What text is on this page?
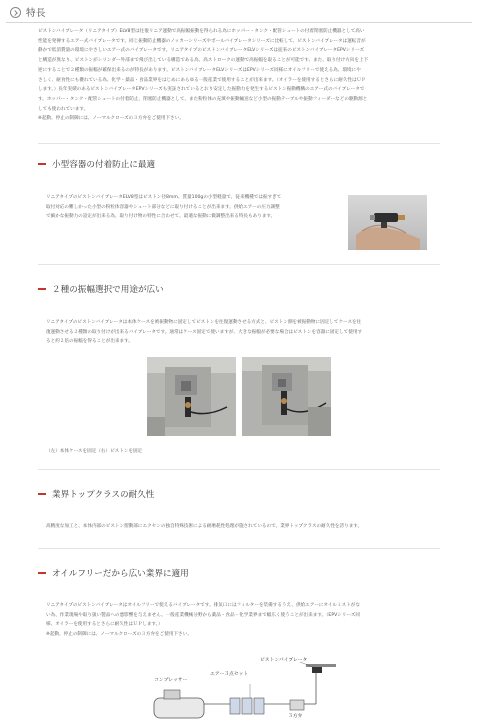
特長
ピストンバイブレータ（リニアタイプ）ELV8型は往復リニア運動で高振幅振動を得られる為にホッパー・タンク・配管シュートの付着閉塞防止機器として高い
性能を発揮するエアー式バイブレータです。同じ振動防止機器のノッカーシリーズやボールバイブレータシリーズに比較して、ピストンバイブレータは運転音が
静かで低消費量の環境にやさしいエアー式のバイブレータです。リニアタイプのピストンバイブレータELVシリーズは従来のピストンバイブレータEPVシリーズ
と構造が異なり、ピストンがシリンダー外部まで飛び出している構造である為、高ストロークの運動で高振幅を取ることが可能です。また、取り付け方向を上下
逆にすることで２種類の振幅が確保出来るのが特長があります。ピストンバイブレータELVシリーズはEPVシリーズ同様にオイルフリーで使える為、環境にや
さしく、耐食性にも優れている為、化学・薬品・食品業界をはじめにあらゆる一般産業で使用することが出来ます。（オイラーを使用するとさらに耐久性はＵＰ
します。）長年実績のあるピストンバイブレータEPVシリーズも実証されているとおり安定した振動力を発生するピストン振動機構のエアー式のバイブレータで
す。ホッパー・タンク・配管シュートの付着防止、閉塞防止機器として、また粉粒体の充填や振動輸送など小型の振動テーブルや振動フィーダーなどの駆動源と
しても使われています。
※起動、停止の制御には、ノーマルクローズの３方弁をご使用下さい。
小型容器の付着防止に最適
リニアタイプのピストンバイブレータELV8型はピストン径8mm、質量100gの小型軽量で、従来機種では振すぎて
取付対応の難しかった小型の粉粒体容器やシュート部分などに取り付けることが出来ます。供給エアーの圧力調整
で細かな振動力の設定が出来る為、取り付け物の特性に合わせて、最適な振動に微調整出来る特長もあります。
２種の振幅選択で用途が広い
リニアタイプのピストンバイブレータは本体ケースを被振動物に固定してピストンを往復運動させる方式と、ピストン側を被振動物に固定してケースを往
復運動させる２種類の取り付けが出来るバイブレータです。通常はケース固定で使いますが、大きな振幅が必要な場合はピストンを容器に固定して使用す
ると約２倍の振幅を得ることが出来ます。
（左）本体ケースを固定（右）ピストンを固定
業界トップクラスの耐久性
高精度な加工と、本体内部のピストン摺動部にエクセンの独自特殊技術による耐磨耗性処理が施されているので、業界トップクラスの耐久性を誇ります。
オイルフリーだから広い業界に適用
リニアタイプのピストンバイブレータはオイルフリーで使えるバイブレータです。排気口にはフィルターを装備するうえ、供給エアーにオイルミストがな
い為、作業現場や取り扱い製品への悪影響を与えません。一般産業機械分野から薬品・食品・化学業界まで幅広く使うことが出来ます。（EPVシリーズ同
様、オイラーを使用するとさらに耐久性はＵＰします。）
※起動、停止の制御には、ノーマルクローズの３方弁をご使用下さい。
ピストンバイブレータ
エアー３点セット
コンプレッサー
３方弁
